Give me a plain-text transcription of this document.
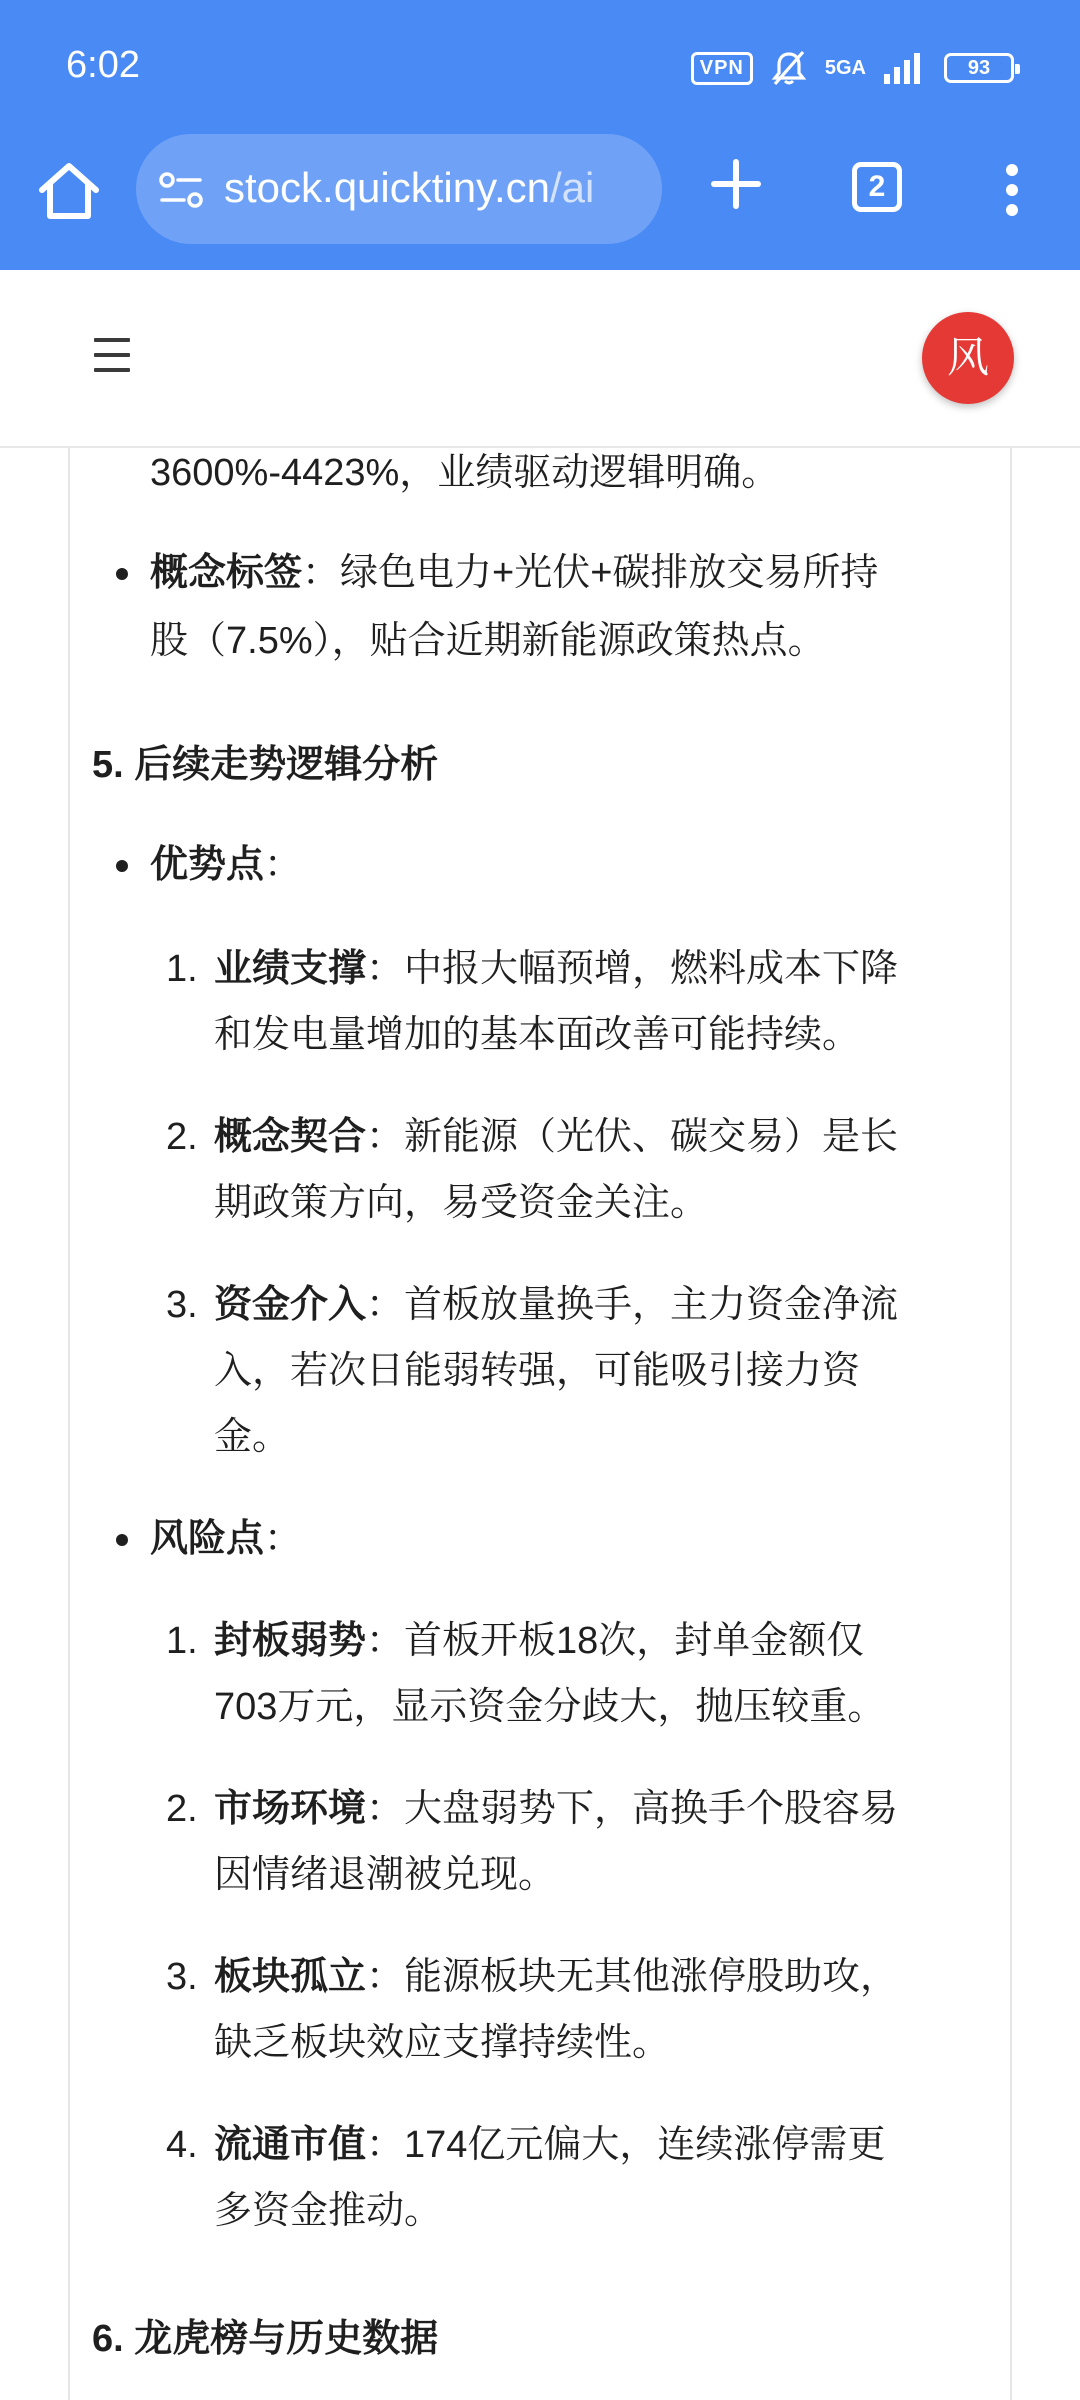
6:02	VPN	5GA	93
stock.quicktiny.cn/ai	2
风
3600%-4423%，业绩驱动逻辑明确。
概念标签：绿色电力+光伏+碳排放交易所持
股（7.5%），贴合近期新能源政策热点。
5. 后续走势逻辑分析
优势点：
1. 业绩支撑：中报大幅预增，燃料成本下降
和发电量增加的基本面改善可能持续。
2. 概念契合：新能源（光伏、碳交易）是长
期政策方向，易受资金关注。
3. 资金介入：首板放量换手，主力资金净流
入，若次日能弱转强，可能吸引接力资
金。
风险点：
1. 封板弱势：首板开板18次，封单金额仅
703万元，显示资金分歧大，抛压较重。
2. 市场环境：大盘弱势下，高换手个股容易
因情绪退潮被兑现。
3. 板块孤立：能源板块无其他涨停股助攻，
缺乏板块效应支撑持续性。
4. 流通市值：174亿元偏大，连续涨停需更
多资金推动。
6. 龙虎榜与历史数据
